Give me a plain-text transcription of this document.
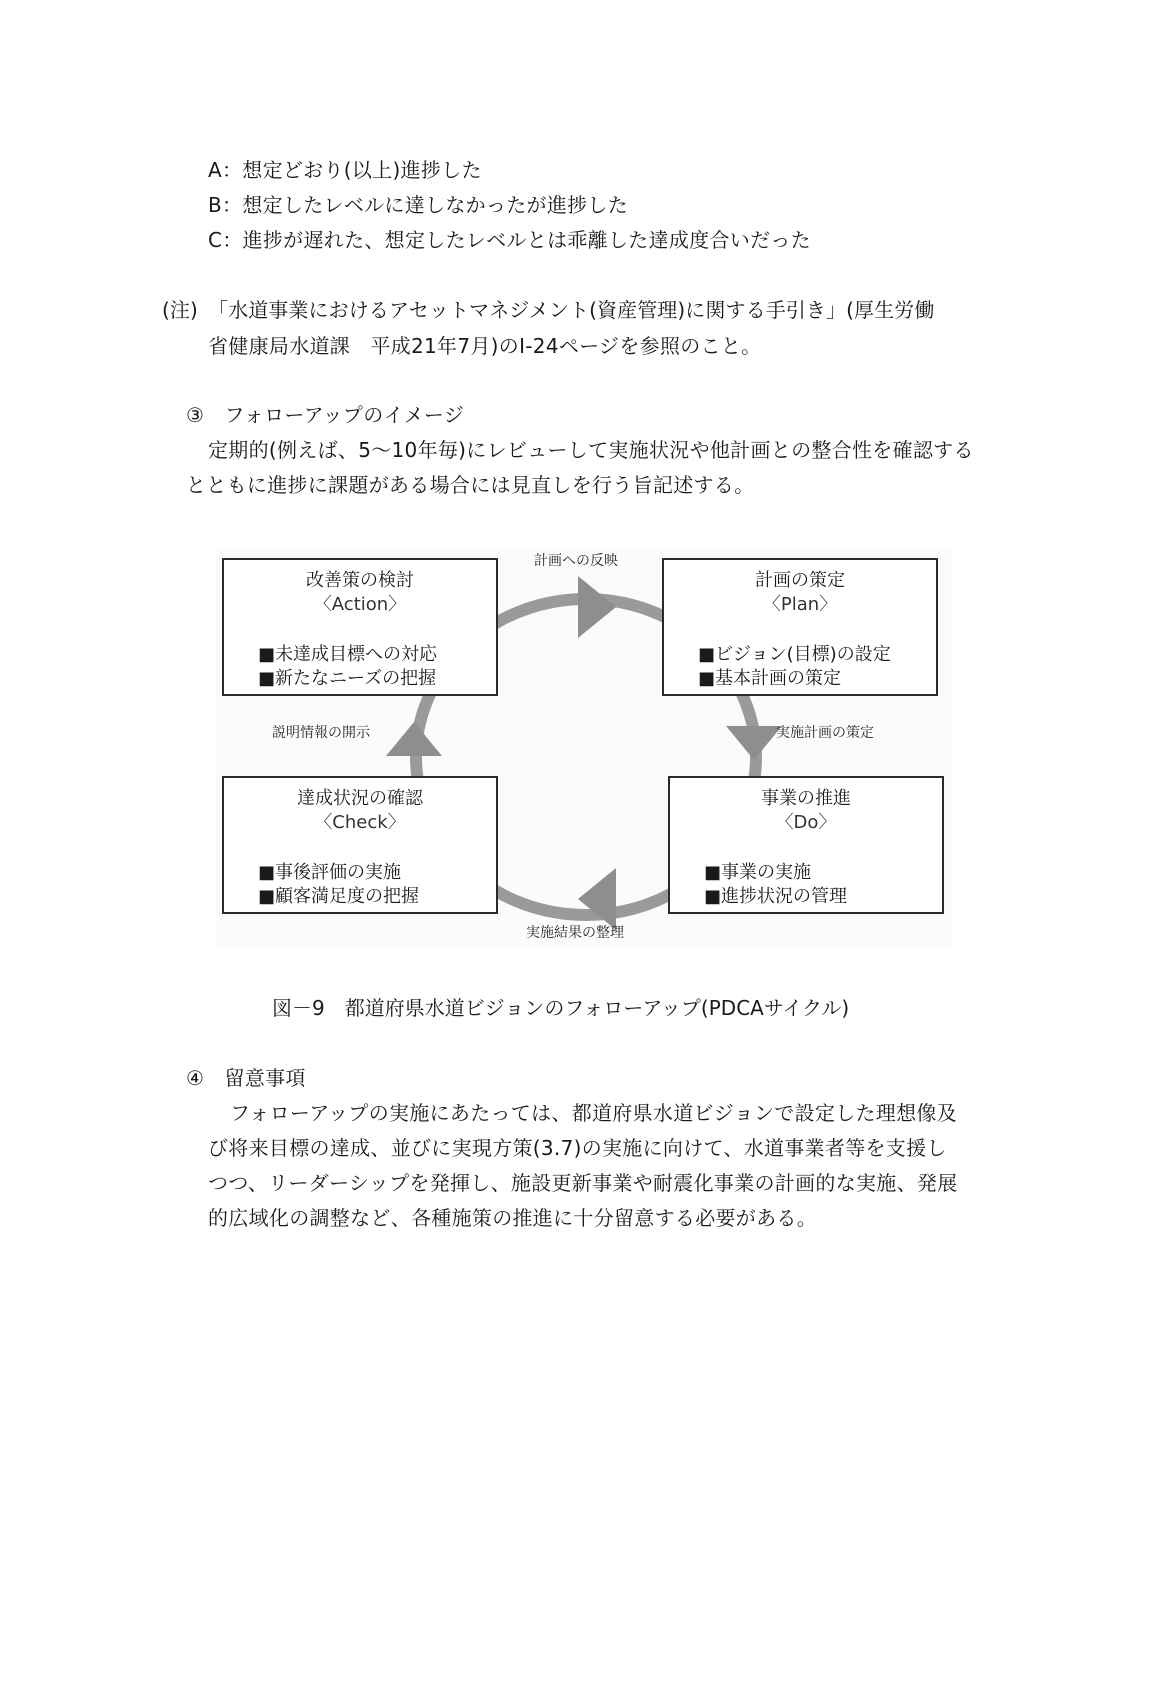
A：想定どおり(以上)進捗した
B：想定したレベルに達しなかったが進捗した
C：進捗が遅れた、想定したレベルとは乖離した達成度合いだった
(注)　「水道事業におけるアセットマネジメント(資産管理)に関する手引き」(厚生労働
省健康局水道課　平成21年7月)のⅠ-24ページを参照のこと。
③　フォローアップのイメージ
定期的(例えば、5～10年毎)にレビューして実施状況や他計画との整合性を確認する
とともに進捗に課題がある場合には見直しを行う旨記述する。
改善策の検討
〈Action〉
■未達成目標への対応
■新たなニーズの把握
計画の策定
〈Plan〉
■ビジョン(目標)の設定
■基本計画の策定
達成状況の確認
〈Check〉
■事後評価の実施
■顧客満足度の把握
事業の推進
〈Do〉
■事業の実施
■進捗状況の管理
計画への反映
実施計画の策定
実施結果の整理
説明情報の開示
図－9　都道府県水道ビジョンのフォローアップ(PDCAサイクル)
④　留意事項
フォローアップの実施にあたっては、都道府県水道ビジョンで設定した理想像及
び将来目標の達成、並びに実現方策(3.7)の実施に向けて、水道事業者等を支援し
つつ、リーダーシップを発揮し、施設更新事業や耐震化事業の計画的な実施、発展
的広域化の調整など、各種施策の推進に十分留意する必要がある。
